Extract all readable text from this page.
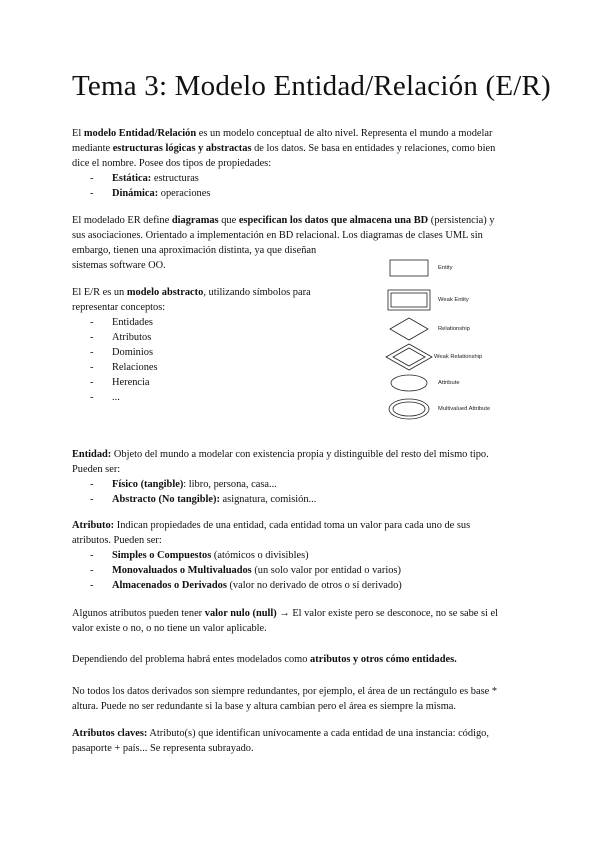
Tema 3: Modelo Entidad/Relación (E/R)
El modelo Entidad/Relación es un modelo conceptual de alto nivel. Representa el mundo a modelar
mediante estructuras lógicas y abstractas de los datos. Se basa en entidades y relaciones, como bien
dice el nombre. Posee dos tipos de propiedades:
- Estática: estructuras
- Dinámica: operaciones
El modelado ER define diagramas que especifican los datos que almacena una BD (persistencia) y
sus asociaciones. Orientado a implementación en BD relacional. Los diagramas de clases UML sin
embargo, tienen una aproximación distinta, ya que diseñan
sistemas software OO.
El E/R es un modelo abstracto, utilizando símbolos para
representar conceptos:
- Entidades
- Atributos
- Dominios
- Relaciones
- Herencia
- ...
Entity
Weak Entity
Relationship
Weak Relationship
Attribute
Multivalued Attribute
Entidad: Objeto del mundo a modelar con existencia propia y distinguible del resto del mismo tipo.
Pueden ser:
- Físico (tangible): libro, persona, casa...
- Abstracto (No tangible): asignatura, comisión...
Atributo: Indican propiedades de una entidad, cada entidad toma un valor para cada uno de sus
atributos. Pueden ser:
- Simples o Compuestos (atómicos o divisibles)
- Monovaluados o Multivaluados (un solo valor por entidad o varios)
- Almacenados o Derivados (valor no derivado de otros o sí derivado)
Algunos atributos pueden tener valor nulo (null) → El valor existe pero se desconoce, no se sabe si el
valor existe o no, o no tiene un valor aplicable.
Dependiendo del problema habrá entes modelados como atributos y otros cómo entidades.
No todos los datos derivados son siempre redundantes, por ejemplo, el área de un rectángulo es base *
altura. Puede no ser redundante si la base y altura cambian pero el área es siempre la misma.
Atributos claves: Atributo(s) que identifican unívocamente a cada entidad de una instancia: código,
pasaporte + país... Se representa subrayado.
